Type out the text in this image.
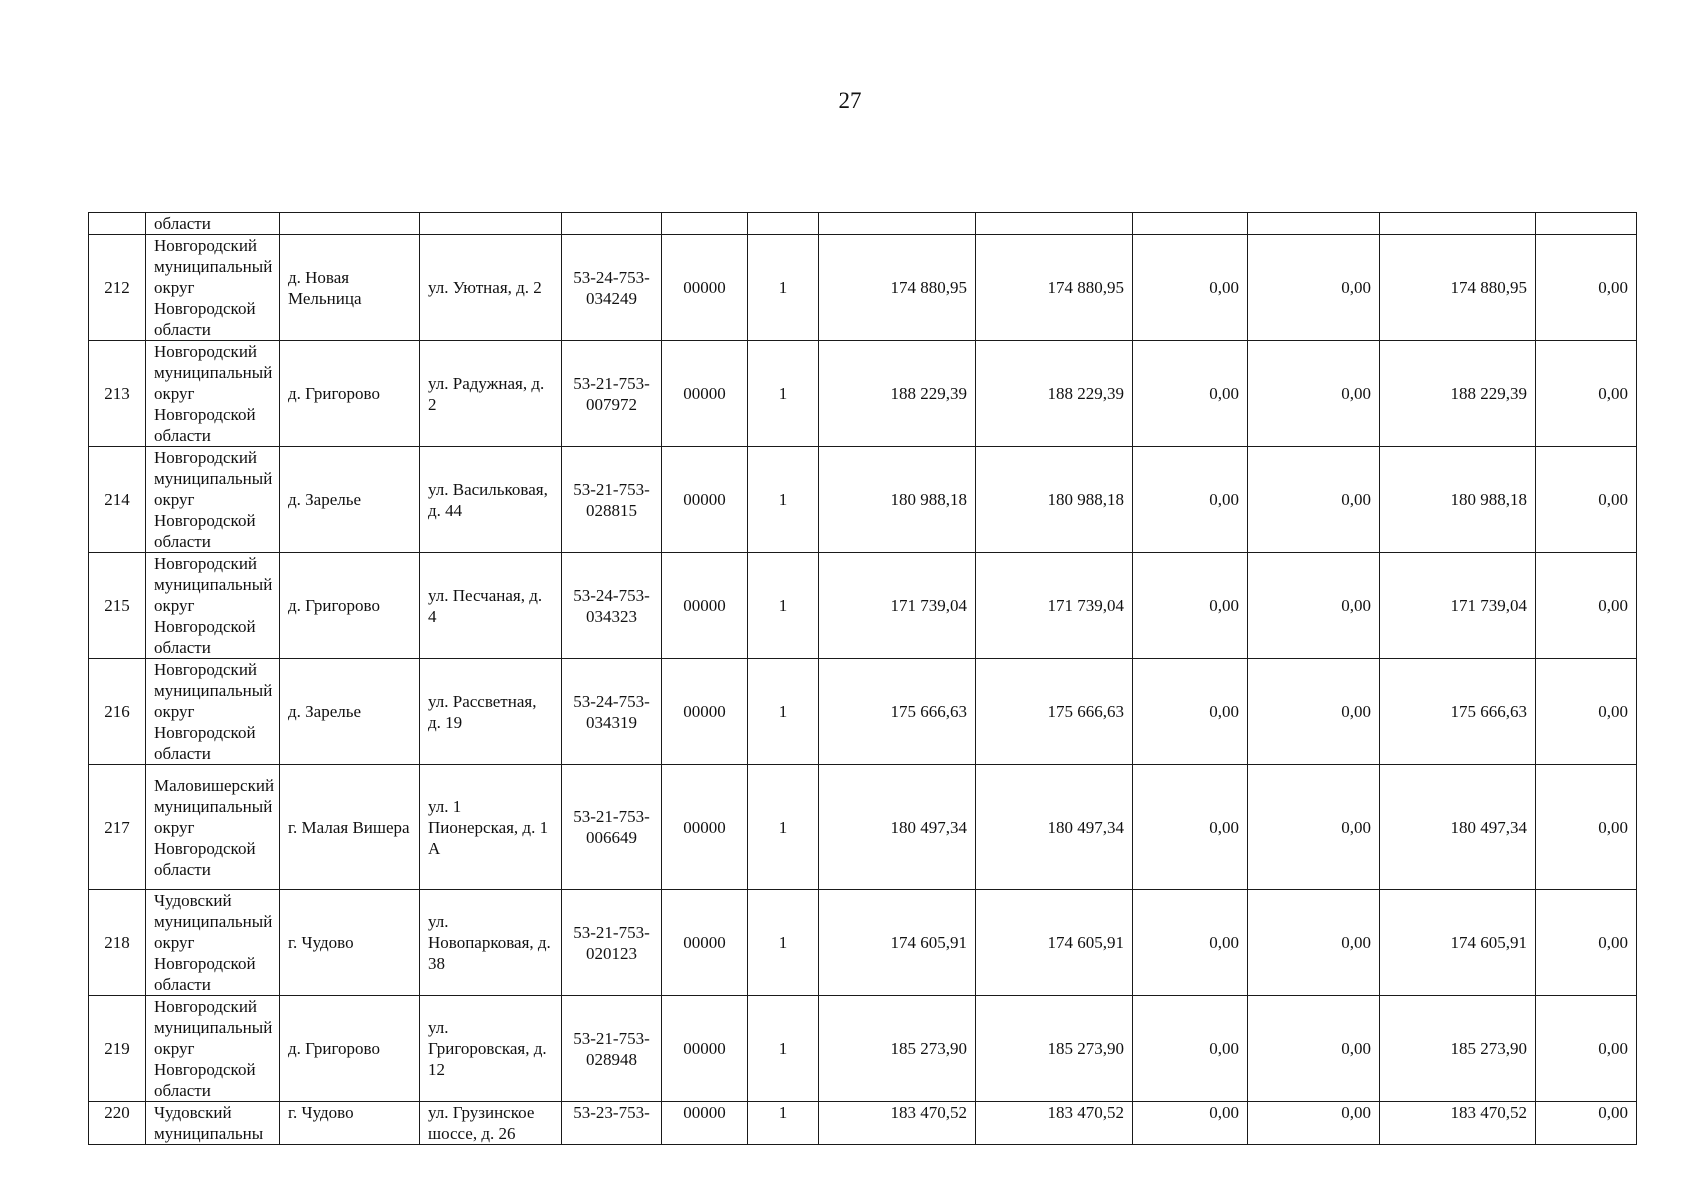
27
	области											
212	Новгородский муниципальный округ Новгородской области	д. Новая Мельница	ул. Уютная, д. 2	53-24-753-034249	00000	1	174 880,95	174 880,95	0,00	0,00	174 880,95	0,00
213	Новгородский муниципальный округ Новгородской области	д. Григорово	ул. Радужная, д. 2	53-21-753-007972	00000	1	188 229,39	188 229,39	0,00	0,00	188 229,39	0,00
214	Новгородский муниципальный округ Новгородской области	д. Зарелье	ул. Васильковая, д. 44	53-21-753-028815	00000	1	180 988,18	180 988,18	0,00	0,00	180 988,18	0,00
215	Новгородский муниципальный округ Новгородской области	д. Григорово	ул. Песчаная, д. 4	53-24-753-034323	00000	1	171 739,04	171 739,04	0,00	0,00	171 739,04	0,00
216	Новгородский муниципальный округ Новгородской области	д. Зарелье	ул. Рассветная, д. 19	53-24-753-034319	00000	1	175 666,63	175 666,63	0,00	0,00	175 666,63	0,00
217	Маловишерский муниципальный округ Новгородской области	г. Малая Вишера	ул. 1 Пионерская, д. 1 А	53-21-753-006649	00000	1	180 497,34	180 497,34	0,00	0,00	180 497,34	0,00
218	Чудовский муниципальный округ Новгородской области	г. Чудово	ул. Новопарковая, д. 38	53-21-753-020123	00000	1	174 605,91	174 605,91	0,00	0,00	174 605,91	0,00
219	Новгородский муниципальный округ Новгородской области	д. Григорово	ул. Григоровская, д. 12	53-21-753-028948	00000	1	185 273,90	185 273,90	0,00	0,00	185 273,90	0,00
220	Чудовский муниципальны	г. Чудово	ул. Грузинское шоссе, д. 26	53-23-753-	00000	1	183 470,52	183 470,52	0,00	0,00	183 470,52	0,00
